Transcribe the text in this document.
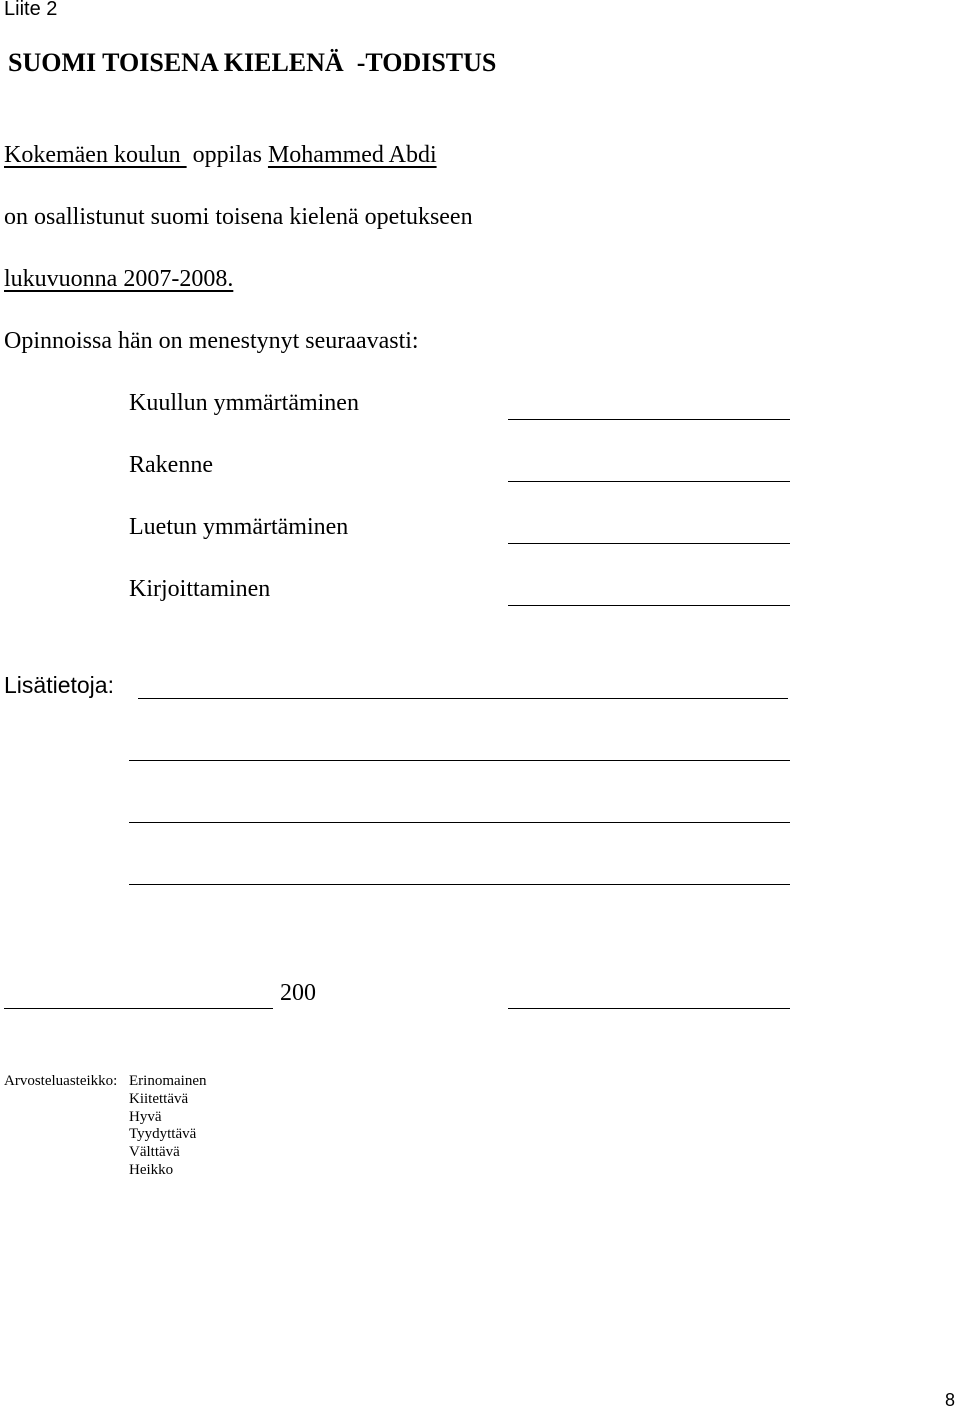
Liite 2
SUOMI TOISENA KIELENÄ  -TODISTUS
Kokemäen koulun  oppilas Mohammed Abdi
on osallistunut suomi toisena kielenä opetukseen
lukuvuonna 2007-2008.
Opinnoissa hän on menestynyt seuraavasti:
Kuullun ymmärtäminen
Rakenne
Luetun ymmärtäminen
Kirjoittaminen
Lisätietoja:
200
Arvosteluasteikko: Erinomainen
Kiitettävä
Hyvä
Tyydyttävä
Välttävä
Heikko
8
